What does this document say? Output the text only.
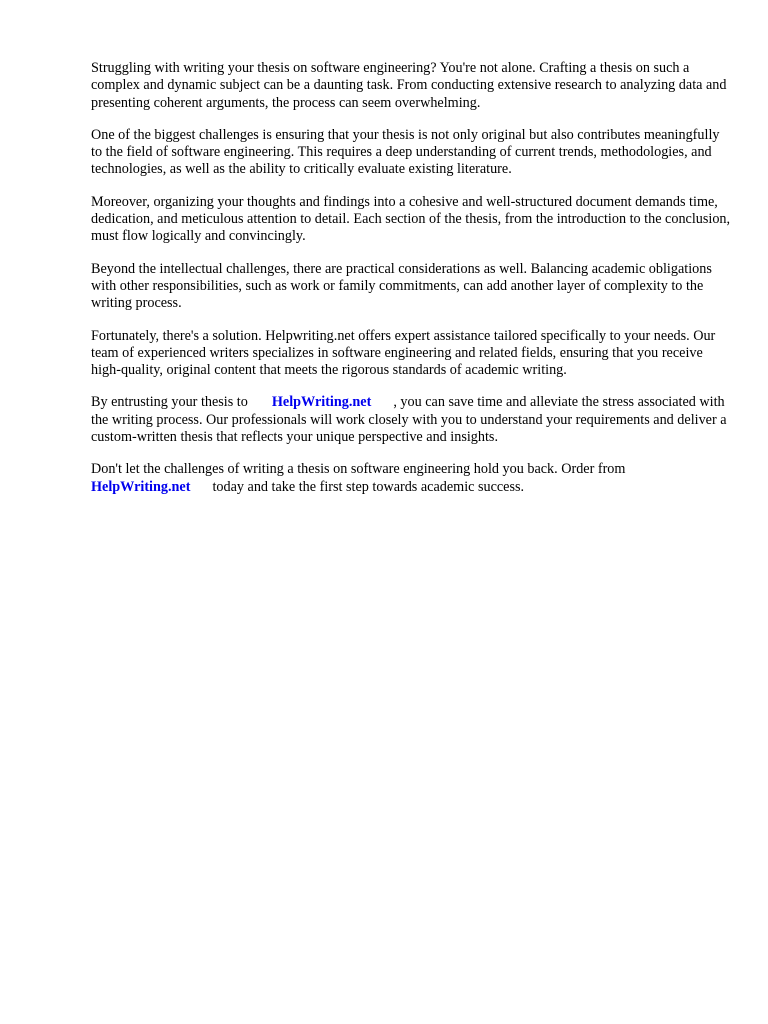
Struggling with writing your thesis on software engineering? You're not alone. Crafting a thesis on such a complex and dynamic subject can be a daunting task. From conducting extensive research to analyzing data and presenting coherent arguments, the process can seem overwhelming.

One of the biggest challenges is ensuring that your thesis is not only original but also contributes meaningfully to the field of software engineering. This requires a deep understanding of current trends, methodologies, and technologies, as well as the ability to critically evaluate existing literature.

Moreover, organizing your thoughts and findings into a cohesive and well-structured document demands time, dedication, and meticulous attention to detail. Each section of the thesis, from the introduction to the conclusion, must flow logically and convincingly.

Beyond the intellectual challenges, there are practical considerations as well. Balancing academic obligations with other responsibilities, such as work or family commitments, can add another layer of complexity to the writing process.

Fortunately, there's a solution. Helpwriting.net offers expert assistance tailored specifically to your needs. Our team of experienced writers specializes in software engineering and related fields, ensuring that you receive high-quality, original content that meets the rigorous standards of academic writing.

By entrusting your thesis to HelpWriting.net , you can save time and alleviate the stress associated with the writing process. Our professionals will work closely with you to understand your requirements and deliver a custom-written thesis that reflects your unique perspective and insights.

Don't let the challenges of writing a thesis on software engineering hold you back. Order from HelpWriting.net today and take the first step towards academic success.
